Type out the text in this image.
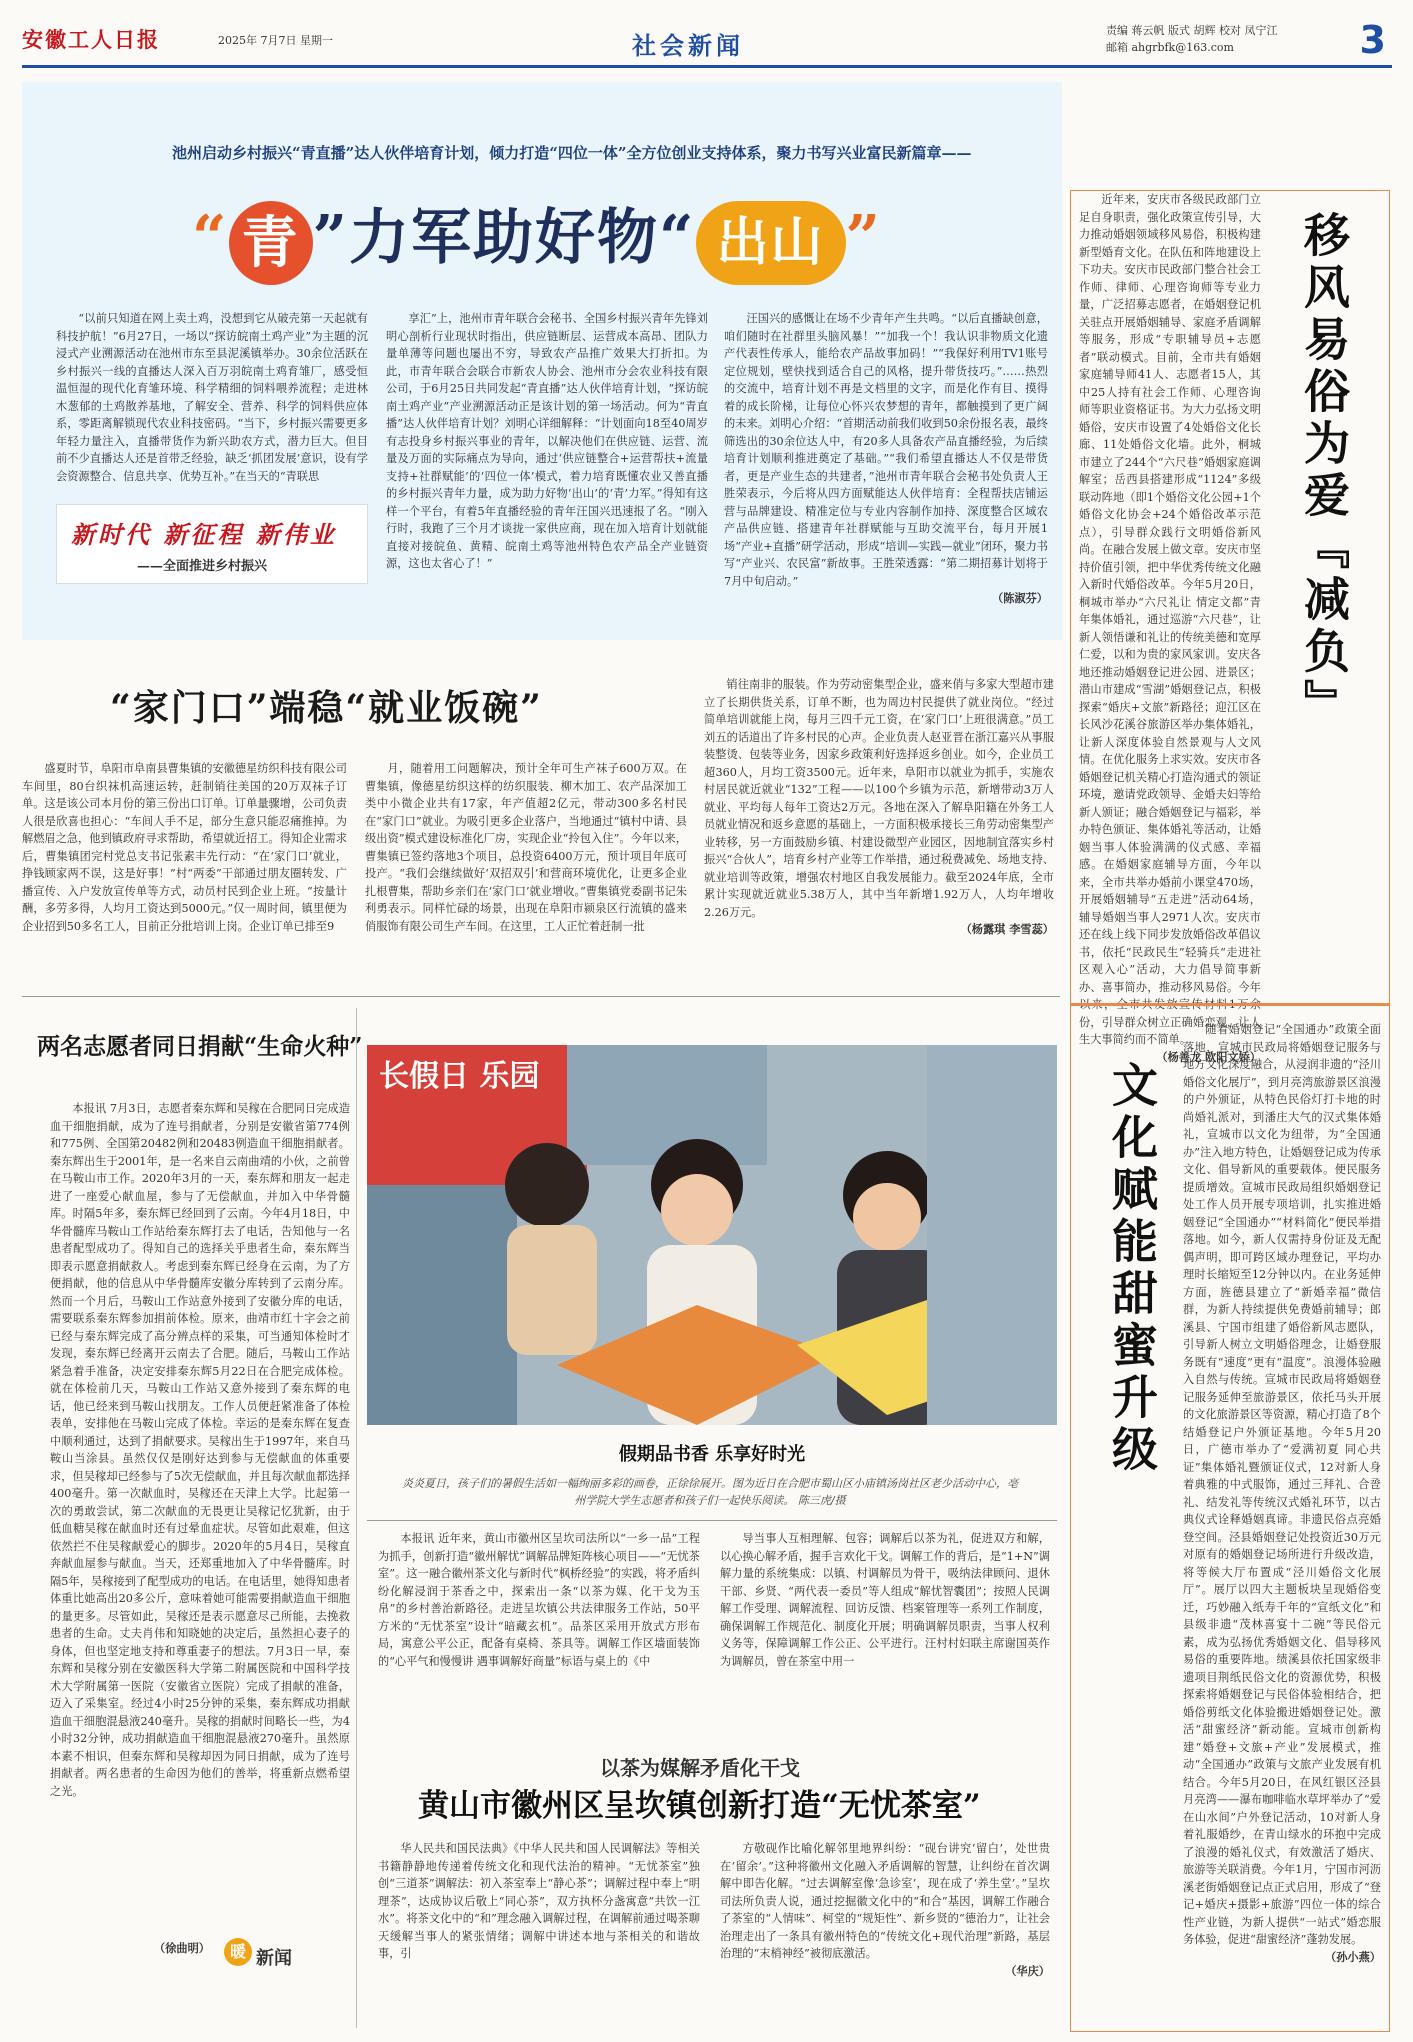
安徽工人日报	2025年 7月7日 星期一	社会新闻
责编 蒋云帆 版式 胡辉 校对 凤宁江
邮箱 ahgrbfk@163.com	3
池州启动乡村振兴“青直播”达人伙伴培育计划，倾力打造“四位一体”全方位创业支持体系，聚力书写兴业富民新篇章——
“ 青 ”力军助好物“ 出山 ”

“以前只知道在网上卖土鸡，没想到它从破壳第一天起就有科技护航！”6月27日，一场以“探访皖南土鸡产业”为主题的沉浸式产业溯源活动在池州市东至县泥溪镇举办。30余位活跃在乡村振兴一线的直播达人深入百万羽皖南土鸡育雏厂，感受恒温恒湿的现代化育雏环境、科学精细的饲料喂养流程；走进林木葱郁的土鸡散养基地，了解安全、营养、科学的饲料供应体系，零距离解锁现代农业科技密码。“当下，乡村振兴需要更多年轻力量注入，直播带货作为新兴助农方式，潜力巨大。但目前不少直播达人还是首带乏经验，缺乏‘抓团发展’意识，设有学会资源整合、信息共享、优势互补。”在当天的“青联思

新时代 新征程 新伟业
——全面推进乡村振兴

享汇”上，池州市青年联合会秘书、全国乡村振兴青年先锋刘明心剖析行业现状时指出，供应链断层、运营成本高昂、团队力量单薄等问题也屡出不穷，导致农产品推广效果大打折扣。为此，市青年联合会联合市新农人协会、池州市分会农业科技有限公司，于6月25日共同发起“青直播”达人伙伴培育计划，“探访皖南土鸡产业”产业溯源活动正是该计划的第一场活动。何为“青直播”达人伙伴培育计划？刘明心详细解释：“计划面向18至40周岁有志投身乡村振兴事业的青年，以解决他们在供应链、运营、流量及万面的实际痛点为导向，通过‘供应链整合+运营帮扶+流量支持+社群赋能’的‘四位一体’模式，着力培育既懂农业又善直播的乡村振兴青年力量，成为助力好物‘出山’的‘青’力军。”得知有这样一个平台，有着5年直播经验的青年汪国兴迅速报了名。“刚入行时，我跑了三个月才谈拢一家供应商，现在加入培育计划就能直接对接皖鱼、黄精、皖南土鸡等池州特色农产品全产业链资源，这也太省心了！”

汪国兴的感慨让在场不少青年产生共鸣。“以后直播缺创意，咱们随时在社群里头脑风暴！”“加我一个！我认识非物质文化遗产代表性传承人，能给农产品故事加码！”“我保好利用TV1账号定位规划，壁快找到适合自己的风格，提升带货技巧。”……热烈的交流中，培育计划不再是文档里的文字，而是化作有目、摸得着的成长阶梯，让每位心怀兴农梦想的青年，都触摸到了更广阔的未来。刘明心介绍：“首期活动前我们收到50余份报名表，最终筛选出的30余位达人中，有20多人具备农产品直播经验，为后续培育计划顺利推进奠定了基础。”“我们希望直播达人不仅是带货者，更是产业生态的共建者，”池州市青年联合会秘书处负责人王胜荣表示，今后将从四方面赋能达人伙伴培育：全程帮扶店铺运营与品牌建设、精准定位与专业内容制作加持、深度整合区域农产品供应链、搭建青年社群赋能与互助交流平台，每月开展1场“产业+直播”研学活动，形成“培训—实践—就业”闭环，聚力书写“产业兴、农民富”新故事。王胜荣透露：“第二期招募计划将于7月中旬启动。”

（陈淑芬）

近年来，安庆市各级民政部门立足自身职责，强化政策宣传引导，大力推动婚姻领域移风易俗，积极构建新型婚育文化。在队伍和阵地建设上下功夫。安庆市民政部门整合社会工作师、律师、心理咨询师等专业力量，广泛招募志愿者，在婚姻登记机关驻点开展婚姻辅导、家庭矛盾调解等服务，形成“专职辅导员+志愿者”联动模式。目前，全市共有婚姻家庭辅导师41人、志愿者15人，其中25人持有社会工作师、心理咨询师等职业资格证书。为大力弘扬文明婚俗，安庆市设置了4处婚俗文化长廊、11处婚俗文化墙。此外，桐城市建立了244个“六尺巷”婚姻家庭调解室；岳西县搭建形成“1124”多级联动阵地（即1个婚俗文化公园+1个婚俗文化协会+24个婚俗改革示范点），引导群众践行文明婚俗新风尚。在融合发展上做文章。安庆市坚持价值引领，把中华优秀传统文化融入新时代婚俗改革。今年5月20日，桐城市举办“六尺礼让 情定文都”青年集体婚礼，通过巡游“六尺巷”，让新人领悟谦和礼让的传统美德和宽厚仁爱，以和为贵的家风家训。安庆各地还推动婚姻登记进公园、进景区；潜山市建成“雪湖”婚姻登记点，积极探索“婚庆+文旅”新路径；迎江区在长风沙花溪谷旅游区举办集体婚礼，让新人深度体验自然景观与人文风情。在优化服务上求实效。安庆市各婚姻登记机关精心打造沟通式的领证环境，邀请党政领导、金婚夫妇等给新人颁证；融合婚姻登记与福彩，举办特色颁证、集体婚礼等活动，让婚姻当事人体验满满的仪式感、幸福感。在婚姻家庭辅导方面，今年以来，全市共举办婚前小课堂470场，开展婚姻辅导“五走进”活动64场，辅导婚姻当事人2971人次。安庆市还在线上线下同步发放婚俗改革倡议书，依托“民政民生”轻骑兵“走进社区观入心”活动，大力倡导简事新办、喜事简办，推动移风易俗。今年以来，全市共发放宣传材料1万余份，引导群众树立正确婚恋观，让人生大事简约而不简单。

（杨善龙 欧阳文娇）
移风易俗为爱『减负』
文化赋能甜蜜升级

随着婚姻登记“全国通办”政策全面落地，宣城市民政局将婚姻登记服务与地方文化深度融合，从浸润非遗的“泾川婚俗文化展厅”，到月亮湾旅游景区浪漫的户外颁证，从特色民俗灯打卡地的时尚婚礼派对，到潘庄大气的汉式集体婚礼，宣城市以文化为纽带，为“全国通办”注入地方特色，让婚姻登记成为传承文化、倡导新风的重要载体。便民服务提质增效。宣城市民政局组织婚姻登记处工作人员开展专项培训，扎实推进婚姻登记“全国通办”“材料简化”便民举措落地。如今，新人仅需持身份证及无配偶声明，即可跨区域办理登记，平均办理时长缩短至12分钟以内。在业务延伸方面，旌德县建立了“新婚幸福”微信群，为新人持续提供免费婚前辅导；郎溪县、宁国市组建了婚俗新风志愿队，引导新人树立文明婚俗理念，让婚登服务既有“速度”更有“温度”。浪漫体验融入自然与传统。宣城市民政局将婚姻登记服务延伸至旅游景区，依托马头开展的文化旅游景区等资源，精心打造了8个结婚登记户外颁证基地。今年5月20日，广德市举办了“爱满初夏 同心共证”集体婚礼暨颁证仪式，12对新人身着典雅的中式服饰，通过三拜礼、合卺礼、结发礼等传统汉式婚礼环节，以古典仪式诠释婚姻真谛。非遗民俗点亮婚登空间。泾县婚姻登记处投资近30万元对原有的婚姻登记场所进行升级改造，将等候大厅布置成“泾川婚俗文化展厅”。展厅以四大主题板块呈现婚俗变迁，巧妙融入纸寿千年的“宣纸文化”和县级非遗“茂林喜宴十二碗”等民俗元素，成为弘扬优秀婚姻文化、倡导移风易俗的重要阵地。绩溪县依托国家级非遗项目荆纸民俗文化的资源优势，积极探索将婚姻登记与民俗体验相结合，把婚俗剪纸文化体验搬进婚姻登记处。激活“甜蜜经济”新动能。宣城市创新构建“婚登+文旅+产业”发展模式，推动“全国通办”政策与文旅产业发展有机结合。今年5月20日，在风红银区泾县月亮湾——瀑布咖啡临水草坪举办了“爱在山水间”户外登记活动，10对新人身着礼服婚纱，在青山绿水的环抱中完成了浪漫的婚礼仪式，有效激活了婚庆、旅游等关联消费。今年1月，宁国市河沥溪老街婚姻登记点正式启用，形成了“登记+婚庆+摄影+旅游”四位一体的综合性产业链，为新人提供“一站式”婚恋服务体验，促进“甜蜜经济”蓬勃发展。

（孙小燕）
“家门口”端稳“就业饭碗”

盛夏时节，阜阳市阜南县曹集镇的安徽德星纺织科技有限公司车间里，80台织袜机高速运转，赶制销往美国的20万双袜子订单。这是该公司本月份的第三份出口订单。订单量骤增，公司负责人很是欣喜也担心：“车间人手不足，部分生意只能忍痛推掉。为解燃眉之急，他到镇政府寻求帮助，希望就近招工。得知企业需求后，曹集镇团完村党总支书记张素丰先行动：“在‘家门口’就业，挣钱顾家两不误，这是好事！”村“两委”干部通过朋友圈转发、广播宣传、入户发放宣传单等方式，动员村民到企业上班。“按量计酬，多劳多得，人均月工资达到5000元。”仅一周时间，镇里便为企业招到50多名工人，目前正分批培训上岗。企业订单已排至9

月，随着用工问题解决，预计全年可生产袜子600万双。在曹集镇，像德星纺织这样的纺织服装、柳木加工、农产品深加工类中小微企业共有17家，年产值超2亿元，带动300多名村民在“家门口”就业。为吸引更多企业落户，当地通过“镇村中请、县级出资”模式建设标准化厂房，实现企业“拎包入住”。今年以来，曹集镇已签约落地3个项目，总投资6400万元，预计项目年底可投产。“我们会继续做好‘双招双引’和营商环境优化，让更多企业扎根曹集，帮助乡亲们在‘家门口’就业增收。”曹集镇党委副书记朱利勇表示。同样忙碌的场景，出现在阜阳市颍泉区行流镇的盛来俏服饰有限公司生产车间。在这里，工人正忙着赶制一批

销往南非的服装。作为劳动密集型企业，盛来俏与多家大型超市建立了长期供货关系，订单不断，也为周边村民提供了就业岗位。“经过简单培训就能上岗，每月三四千元工资，在‘家门口’上班很满意。”员工刘五的话道出了许多村民的心声。企业负责人赵亚晋在浙江嘉兴从事服装整烫、包装等业务，因家乡政策利好选择返乡创业。如今，企业员工超360人，月均工资3500元。近年来，阜阳市以就业为抓手，实施农村居民就近就业“132”工程——以100个乡镇为示范，新增带动3万人就业、平均每人每年工资达2万元。各地在深入了解阜阳籍在外务工人员就业情况和返乡意愿的基础上，一方面积极承接长三角劳动密集型产业转移，另一方面鼓励乡镇、村建设微型产业园区，因地制宜落实乡村振兴“合伙人”，培育乡村产业等工作举措，通过税费减免、场地支持、就业培训等政策，增强农村地区自我发展能力。截至2024年底，全市累计实现就近就业5.38万人，其中当年新增1.92万人，人均年增收2.26万元。

（杨露琪 李雪蕊）
两名志愿者同日捐献“生命火种”

本报讯 7月3日，志愿者秦东辉和吴稼在合肥同日完成造血干细胞捐献，成为了连号捐献者，分别是安徽省第774例和775例、全国第20482例和20483例造血干细胞捐献者。秦东辉出生于2001年，是一名来自云南曲靖的小伙，之前曾在马鞍山市工作。2020年3月的一天，秦东辉和朋友一起走进了一座爱心献血屋，参与了无偿献血，并加入中华骨髓库。时隔5年多，秦东辉已经回到了云南。今年4月18日，中华骨髓库马鞍山工作站给秦东辉打去了电话，告知他与一名患者配型成功了。得知自己的选择关乎患者生命，秦东辉当即表示愿意捐献救人。考虑到秦东辉已经身在云南，为了方便捐献，他的信息从中华骨髓库安徽分库转到了云南分库。然而一个月后，马鞍山工作站意外接到了安徽分库的电话，需要联系秦东辉参加捐前体检。原来，曲靖市红十字会之前已经与秦东辉完成了高分辨点样的采集，可当通知体检时才发现，秦东辉已经离开云南去了合肥。随后，马鞍山工作站紧急着手准备，决定安排秦东辉5月22日在合肥完成体检。就在体检前几天，马鞍山工作站又意外接到了秦东辉的电话，他已经来到马鞍山找朋友。工作人员便赶紧准备了体检表单，安排他在马鞍山完成了体检。幸运的是秦东辉在复查中顺利通过，达到了捐献要求。吴稼出生于1997年，来自马鞍山当涂县。虽然仅仅是刚好达到参与无偿献血的体重要求，但吴稼却已经参与了5次无偿献血，并且每次献血都选择400毫升。第一次献血时，吴稼还在天津上大学。比起第一次的勇敢尝试，第二次献血的无畏更让吴稼记忆犹新，由于低血糖吴稼在献血时还有过晕血症状。尽管如此艰难，但这依然拦不住吴稼献爱心的脚步。2020年的5月4日，吴稼直奔献血屋参与献血。当天，还郑重地加入了中华骨髓库。时隔5年，吴稼接到了配型成功的电话。在电话里，她得知患者体重比她高出20多公斤，意味着她可能需要捐献造血干细胞的量更多。尽管如此，吴稼还是表示愿意尽己所能，去挽救患者的生命。丈夫肖伟和知晓她的决定后，虽然担心妻子的身体，但也坚定地支持和尊重妻子的想法。7月3日一早，秦东辉和吴稼分别在安徽医科大学第二附属医院和中国科学技术大学附属第一医院（安徽省立医院）完成了捐献的准备，迈入了采集室。经过4小时25分钟的采集，秦东辉成功捐献造血干细胞混悬液240毫升。吴稼的捐献时间略长一些，为4小时32分钟，成功捐献造血干细胞混悬液270毫升。虽然原本素不相识，但秦东辉和吴稼却因为同日捐献，成为了连号捐献者。两名患者的生命因为他们的善举，将重新点燃希望之光。

（徐曲明）	暖 新闻
长假日 乐园
假期品书香 乐享好时光
炎炎夏日，孩子们的暑假生活如一幅绚丽多彩的画卷，正徐徐展开。图为近日在合肥市蜀山区小庙镇汤岗社区老少活动中心，亳州学院大学生志愿者和孩子们一起快乐阅读。 陈三虎/摄

本报讯 近年来，黄山市徽州区呈坎司法所以“一乡一品”工程为抓手，创新打造“徽州解忧”调解品牌矩阵核心项目——“无忧茶室”。这一融合徽州茶文化与新时代“枫桥经验”的实践，将矛盾纠纷化解浸润于茶香之中，探索出一条“以茶为媒、化干戈为玉帛”的乡村善治新路径。走进呈坎镇公共法律服务工作站，50平方米的“无忧茶室”设计“暗藏玄机”。品茶区采用开放式方形布局，寓意公平公正，配备有桌椅、茶具等。调解工作区墙面装饰的“心平气和慢慢讲 遇事调解好商量”标语与桌上的《中

导当事人互相理解、包容；调解后以茶为礼，促进双方和解，以心换心解矛盾，握手言欢化干戈。调解工作的背后，是“1+N”调解力量的系统集成：以镇、村调解员为骨干，吸纳法律顾问、退休干部、乡贤、“两代表一委员”等人组成“解忧智囊团”；按照人民调解工作受理、调解流程、回访反馈、档案管理等一系列工作制度，确保调解工作规范化、制度化开展；明确调解员职责，当事人权利义务等，保障调解工作公正、公平进行。汪村村妇联主席谢国英作为调解员，曾在茶室中用一

以茶为媒解矛盾化干戈
黄山市徽州区呈坎镇创新打造“无忧茶室”

华人民共和国民法典》《中华人民共和国人民调解法》等相关书籍静静地传递着传统文化和现代法治的精神。“无忧茶室”独创“三道茶”调解法：初入茶室奉上“静心茶”；调解过程中奉上“明理茶”，达成协议后敬上“同心茶”，双方执杯分盏寓意“共饮一江水”。将茶文化中的“和”理念融入调解过程，在调解前通过喝茶聊天缓解当事人的紧张情绪；调解中讲述本地与茶相关的和谐故事，引

方敬砚作比喻化解邻里地界纠纷：“砚台讲究‘留白’，处世贵在‘留余’。”这种将徽州文化融入矛盾调解的智慧，让纠纷在首次调解中即告化解。“过去调解室像‘急诊室’，现在成了‘养生堂’。”呈坎司法所负责人说，通过挖掘徽文化中的“和合”基因，调解工作融合了茶室的“人情味”、柯堂的“规矩性”、新乡贤的“德治力”，让社会治理走出了一条具有徽州特色的“传统文化+现代治理”新路，基层治理的“末梢神经”被彻底激活。

（华庆）
